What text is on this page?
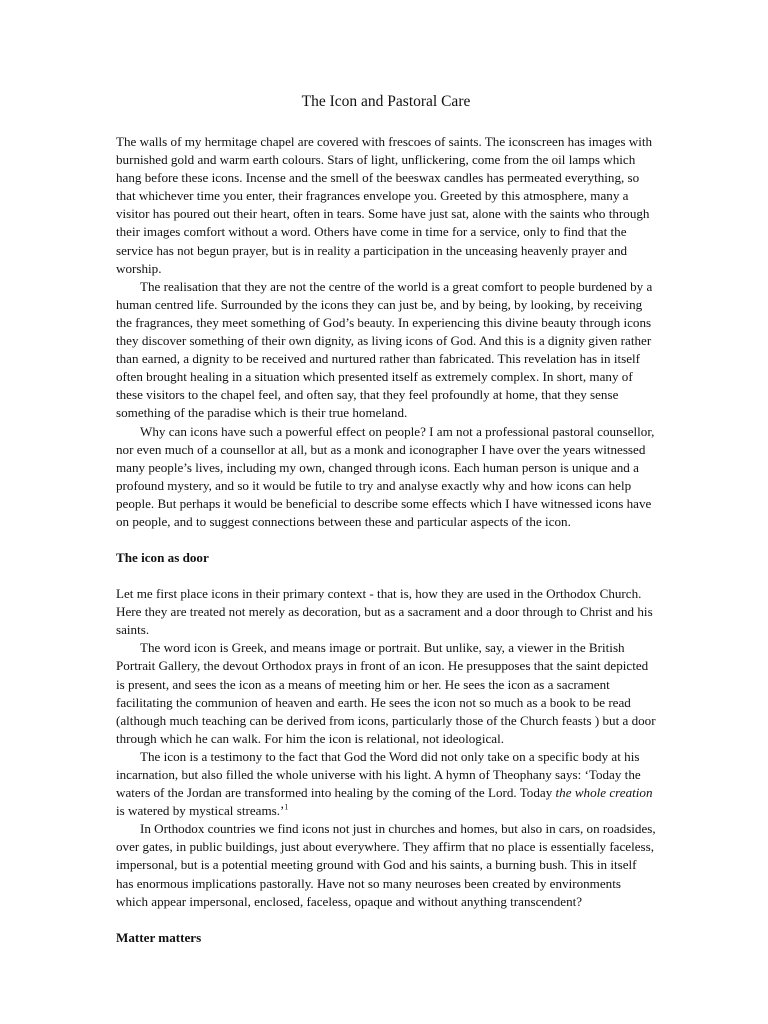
The Icon and Pastoral Care

The walls of my hermitage chapel are covered with frescoes of saints. The iconscreen has images with burnished gold and warm earth colours. Stars of light, unflickering, come from the oil lamps which hang before these icons. Incense and the smell of the beeswax candles has permeated everything, so that whichever time you enter, their fragrances envelope you. Greeted by this atmosphere, many a visitor has poured out their heart, often in tears. Some have just sat, alone with the saints who through their images comfort without a word. Others have come in time for a service, only to find that the service has not begun prayer, but is in reality a participation in the unceasing heavenly prayer and worship.

The realisation that they are not the centre of the world is a great comfort to people burdened by a human centred life. Surrounded by the icons they can just be, and by being, by looking, by receiving the fragrances, they meet something of God’s beauty. In experiencing this divine beauty through icons they discover something of their own dignity, as living icons of God. And this is a dignity given rather than earned, a dignity to be received and nurtured rather than fabricated. This revelation has in itself often brought healing in a situation which presented itself as extremely complex. In short, many of these visitors to the chapel feel, and often say, that they feel profoundly at home, that they sense something of the paradise which is their true homeland.

Why can icons have such a powerful effect on people? I am not a professional pastoral counsellor, nor even much of a counsellor at all, but as a monk and iconographer I have over the years witnessed many people’s lives, including my own, changed through icons. Each human person is unique and a profound mystery, and so it would be futile to try and analyse exactly why and how icons can help people. But perhaps it would be beneficial to describe some effects which I have witnessed icons have on people, and to suggest connections between these and particular aspects of the icon.

The icon as door

Let me first place icons in their primary context - that is, how they are used in the Orthodox Church. Here they are treated not merely as decoration, but as a sacrament and a door through to Christ and his saints.

The word icon is Greek, and means image or portrait. But unlike, say, a viewer in the British Portrait Gallery, the devout Orthodox prays in front of an icon. He presupposes that the saint depicted is present, and sees the icon as a means of meeting him or her. He sees the icon as a sacrament facilitating the communion of heaven and earth. He sees the icon not so much as a book to be read (although much teaching can be derived from icons, particularly those of the Church feasts ) but a door through which he can walk. For him the icon is relational, not ideological.

The icon is a testimony to the fact that God the Word did not only take on a specific body at his incarnation, but also filled the whole universe with his light. A hymn of Theophany says: ‘Today the waters of the Jordan are transformed into healing by the coming of the Lord. Today the whole creation is watered by mystical streams.’$^1$

In Orthodox countries we find icons not just in churches and homes, but also in cars, on roadsides, over gates, in public buildings, just about everywhere. They affirm that no place is essentially faceless, impersonal, but is a potential meeting ground with God and his saints, a burning bush. This in itself has enormous implications pastorally. Have not so many neuroses been created by environments which appear impersonal, enclosed, faceless, opaque and without anything transcendent?

Matter matters
